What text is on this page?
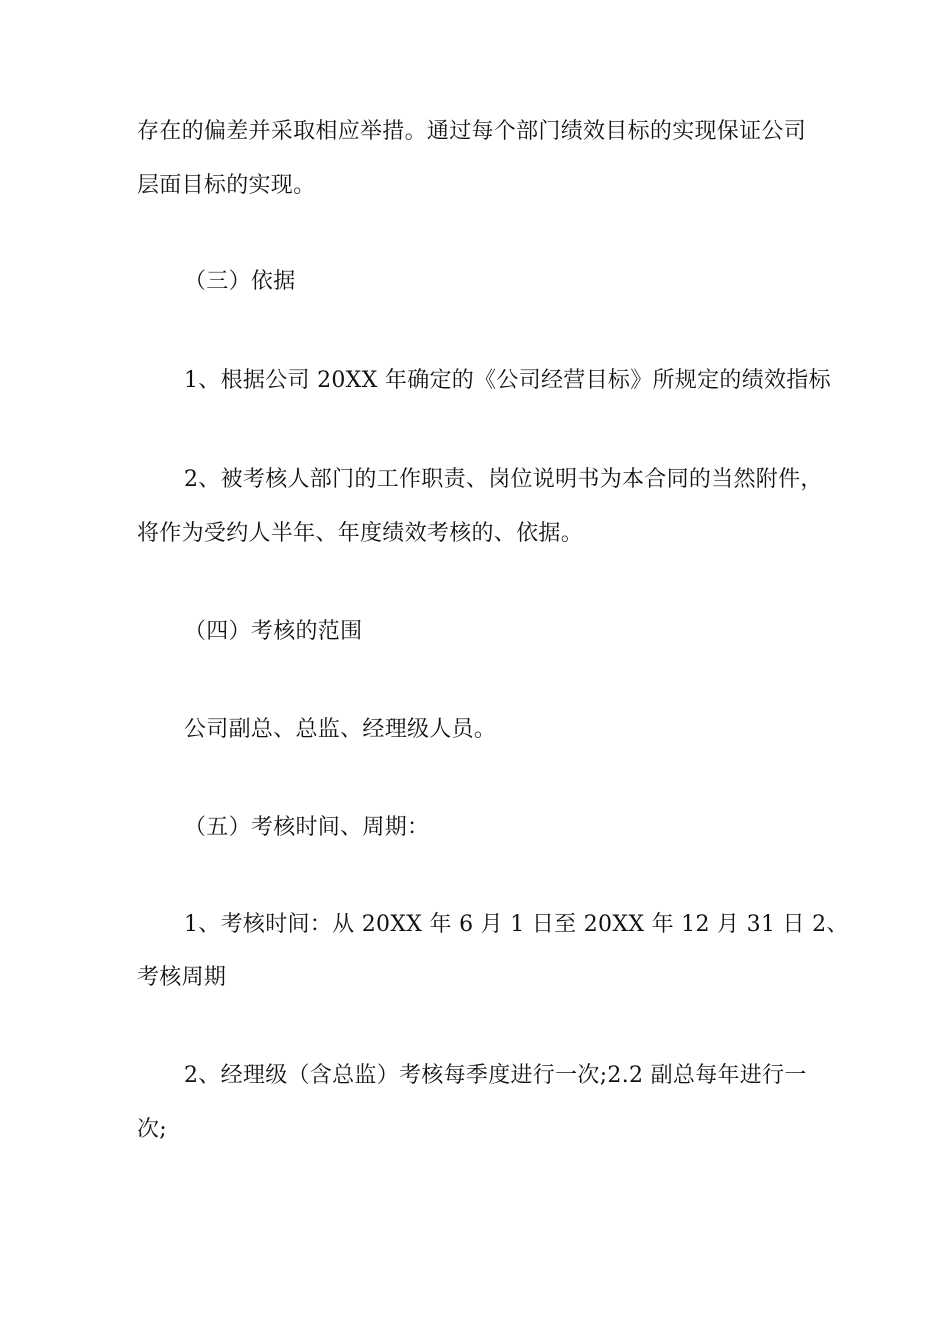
存在的偏差并采取相应举措。通过每个部门绩效目标的实现保证公司
层面目标的实现。
（三）依据
1、根据公司 20XX 年确定的《公司经营目标》所规定的绩效指标
2、被考核人部门的工作职责、岗位说明书为本合同的当然附件，
将作为受约人半年、年度绩效考核的、依据。
（四）考核的范围
公司副总、总监、经理级人员。
（五）考核时间、周期：
1、考核时间：从 20XX 年 6 月 1 日至 20XX 年 12 月 31 日 2、
考核周期
2、经理级（含总监）考核每季度进行一次;2.2 副总每年进行一
次;
